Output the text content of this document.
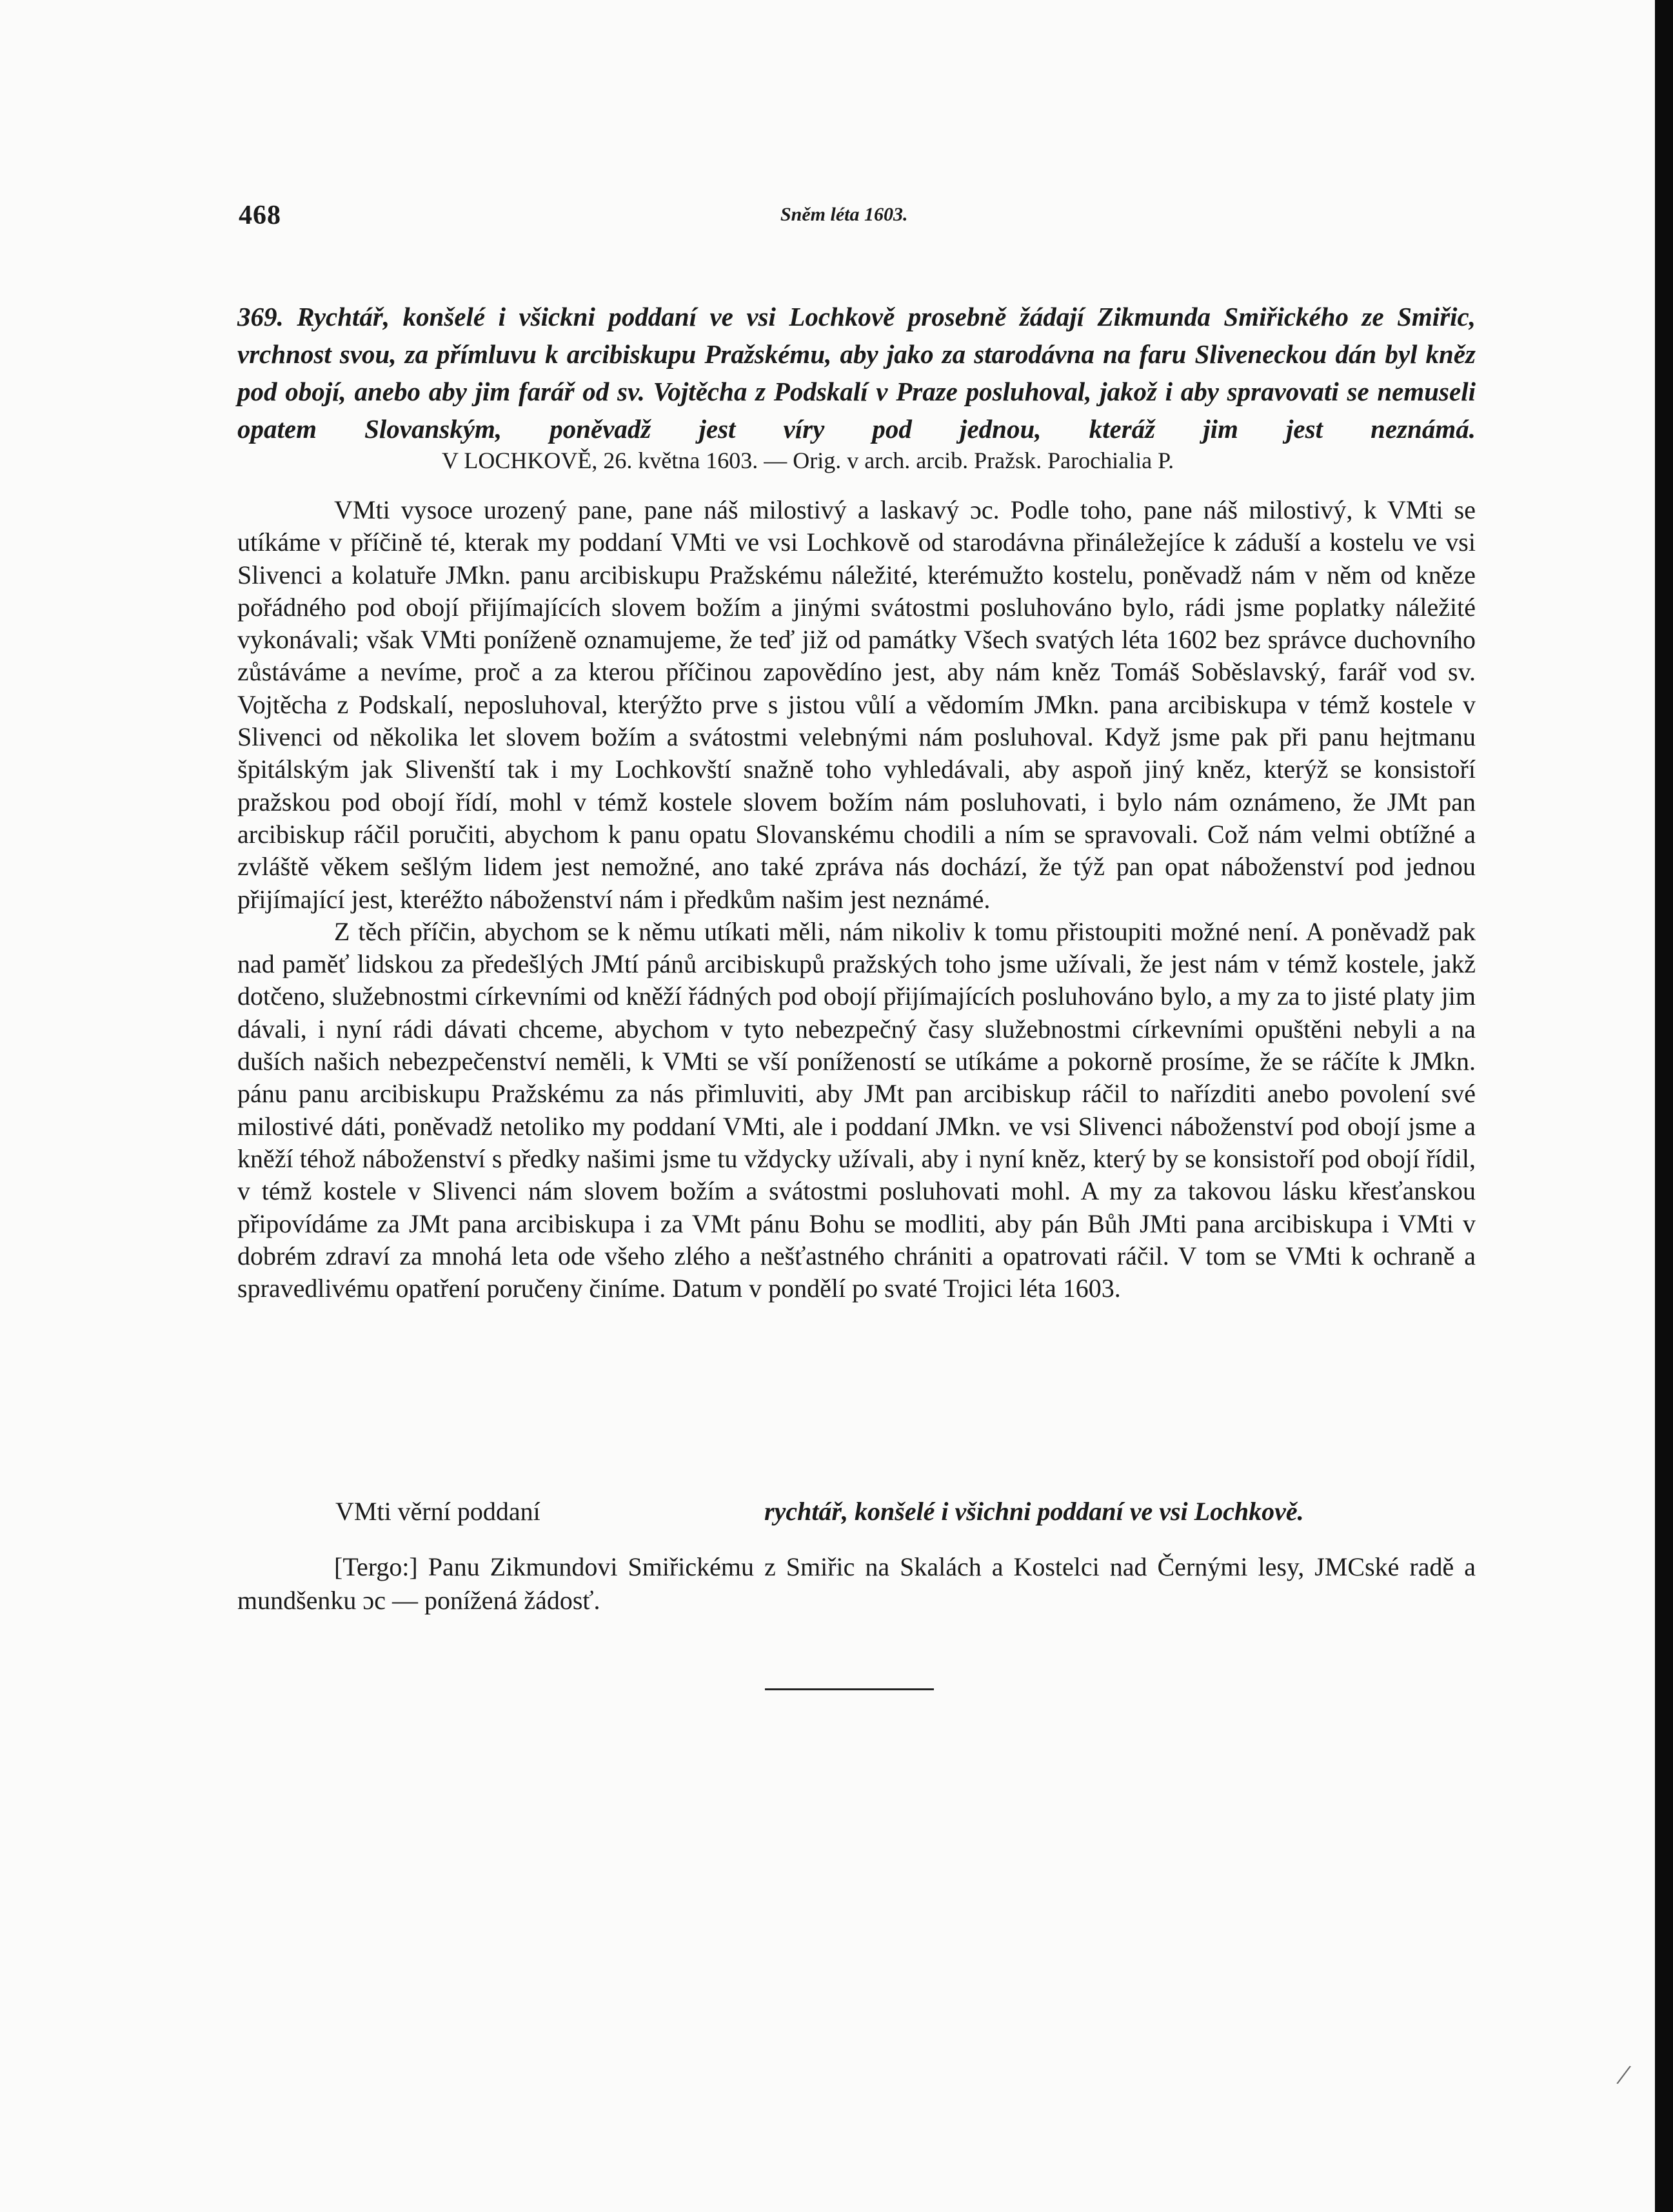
468	Sněm léta 1603.
369. Rychtář, konšelé i všickni poddaní ve vsi Lochkově prosebně žádají Zikmunda Smiřického ze Smiřic, vrchnost svou, za přímluvu k arcibiskupu Pražskému, aby jako za starodávna na faru Sliveneckou dán byl kněz pod obojí, anebo aby jim farář od sv. Vojtěcha z Podskalí v Praze posluhoval, jakož i aby spravovati se nemuseli opatem Slovanským, poněvadž jest víry pod jednou, kteráž jim jest neznámá.
V LOCHKOVĚ, 26. května 1603. — Orig. v arch. arcib. Pražsk. Parochialia P.

VMti vysoce urozený pane, pane náš milostivý a laskavý ɔc. Podle toho, pane náš milostivý, k VMti se utíkáme v příčině té, kterak my poddaní VMti ve vsi Lochkově od starodávna přináležejíce k záduší a kostelu ve vsi Slivenci a kolatuře JMkn. panu arcibiskupu Pražskému náležité, kterémužto kostelu, poněvadž nám v něm od kněze pořádného pod obojí přijímajících slovem božím a jinými svátostmi posluhováno bylo, rádi jsme poplatky náležité vykonávali; však VMti poníženě oznamujeme, že teď již od památky Všech svatých léta 1602 bez správce duchovního zůstáváme a nevíme, proč a za kterou příčinou zapovědíno jest, aby nám kněz Tomáš Soběslavský, farář vod sv. Vojtěcha z Podskalí, neposluhoval, kterýžto prve s jistou vůlí a vědomím JMkn. pana arcibiskupa v témž kostele v Slivenci od několika let slovem božím a svátostmi velebnými nám posluhoval. Když jsme pak při panu hejtmanu špitálským jak Slivenští tak i my Lochkovští snažně toho vyhledávali, aby aspoň jiný kněz, kterýž se konsistoří pražskou pod obojí řídí, mohl v témž kostele slovem božím nám posluhovati, i bylo nám oznámeno, že JMt pan arcibiskup ráčil poručiti, abychom k panu opatu Slovanskému chodili a ním se spravovali. Což nám velmi obtížné a zvláště věkem sešlým lidem jest nemožné, ano také zpráva nás dochází, že týž pan opat náboženství pod jednou přijímající jest, kteréžto náboženství nám i předkům našim jest neznámé.

Z těch příčin, abychom se k němu utíkati měli, nám nikoliv k tomu přistoupiti možné není. A poněvadž pak nad paměť lidskou za předešlých JMtí pánů arcibiskupů pražských toho jsme užívali, že jest nám v témž kostele, jakž dotčeno, služebnostmi církevními od kněží řádných pod obojí přijímajících posluhováno bylo, a my za to jisté platy jim dávali, i nyní rádi dávati chceme, abychom v tyto nebezpečný časy služebnostmi církevními opuštěni nebyli a na duších našich nebezpečenství neměli, k VMti se vší ponížeností se utíkáme a pokorně prosíme, že se ráčíte k JMkn. pánu panu arcibiskupu Pražskému za nás přimluviti, aby JMt pan arcibiskup ráčil to nařízditi anebo povolení své milostivé dáti, poněvadž netoliko my poddaní VMti, ale i poddaní JMkn. ve vsi Slivenci náboženství pod obojí jsme a kněží téhož náboženství s předky našimi jsme tu vždycky užívali, aby i nyní kněz, který by se konsistoří pod obojí řídil, v témž kostele v Slivenci nám slovem božím a svátostmi posluhovati mohl. A my za takovou lásku křesťanskou připovídáme za JMt pana arcibiskupa i za VMt pánu Bohu se modliti, aby pán Bůh JMti pana arcibiskupa i VMti v dobrém zdraví za mnohá leta ode všeho zlého a nešťastného chrániti a opatrovati ráčil. V tom se VMti k ochraně a spravedlivému opatření poručeny činíme. Datum v pondělí po svaté Trojici léta 1603.

VMti věrní poddaní	rychtář, konšelé i všichni poddaní ve vsi Lochkově.

[Tergo:] Panu Zikmundovi Smiřickému z Smiřic na Skalách a Kostelci nad Černými lesy, JMCské radě a mundšenku ɔc — ponížená žádosť.

/
